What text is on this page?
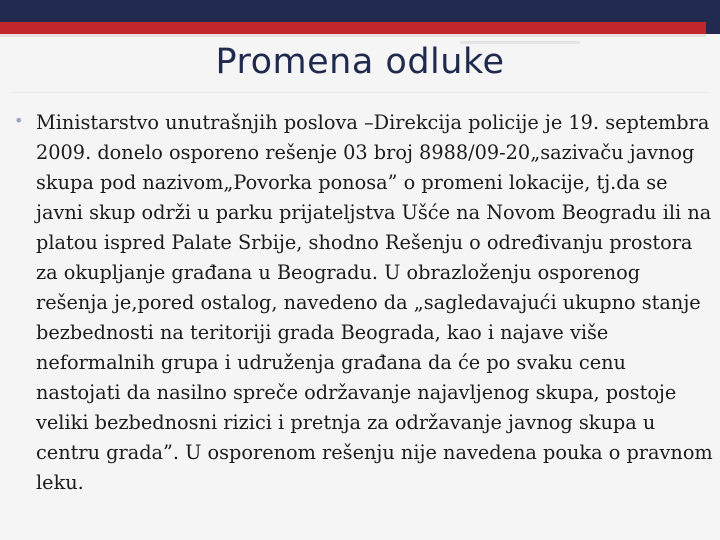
Promena odluke
• Ministarstvo unutrašnjih poslova –Direkcija policije je 19. septembra 2009. donelo osporeno rešenje 03 broj 8988/09-20„sazivaču javnog skupa pod nazivom„Povorka ponosa” o promeni lokacije, tj.da se javni skup održi u parku prijateljstva Ušće na Novom Beogradu ili na platou ispred Palate Srbije, shodno Rešenju o određivanju prostora za okupljanje građana u Beogradu. U obrazloženju osporenog rešenja je,pored ostalog, navedeno da „sagledavajući ukupno stanje bezbednosti na teritoriji grada Beograda, kao i najave više neformalnih grupa i udruženja građana da će po svaku cenu nastojati da nasilno spreče održavanje najavljenog skupa, postoje veliki bezbednosni rizici i pretnja za održavanje javnog skupa u centru grada”. U osporenom rešenju nije navedena pouka o pravnom leku.
